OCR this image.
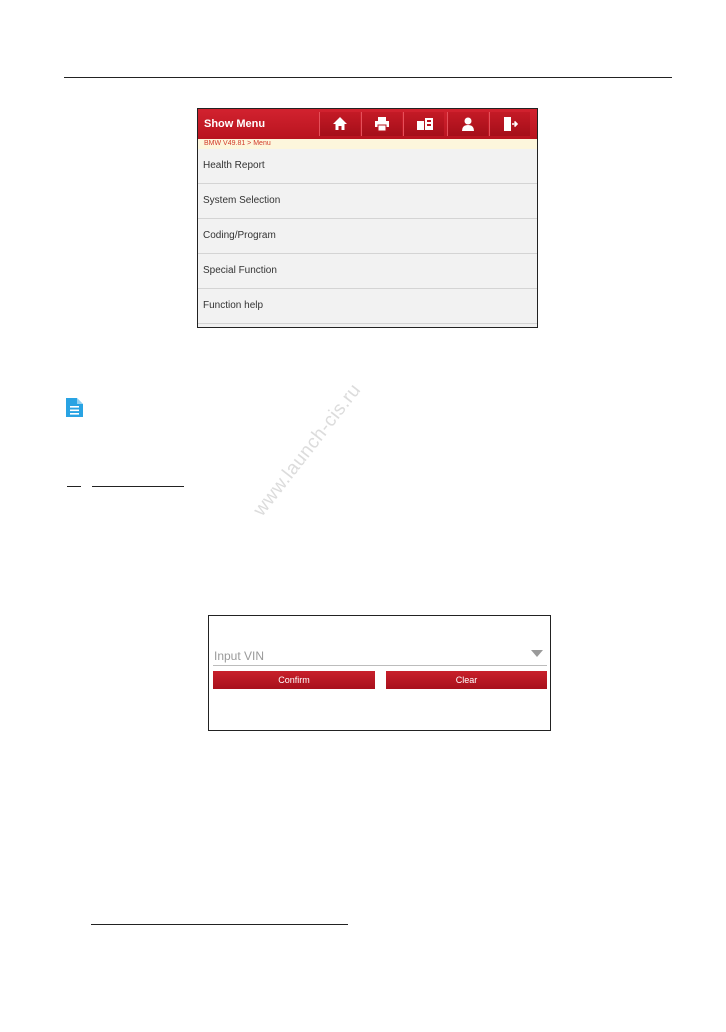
Show Menu
BMW V49.81 > Menu
Health Report
System Selection
Coding/Program
Special Function
Function help
www.launch-cis.ru
Input VIN
Confirm	Clear
